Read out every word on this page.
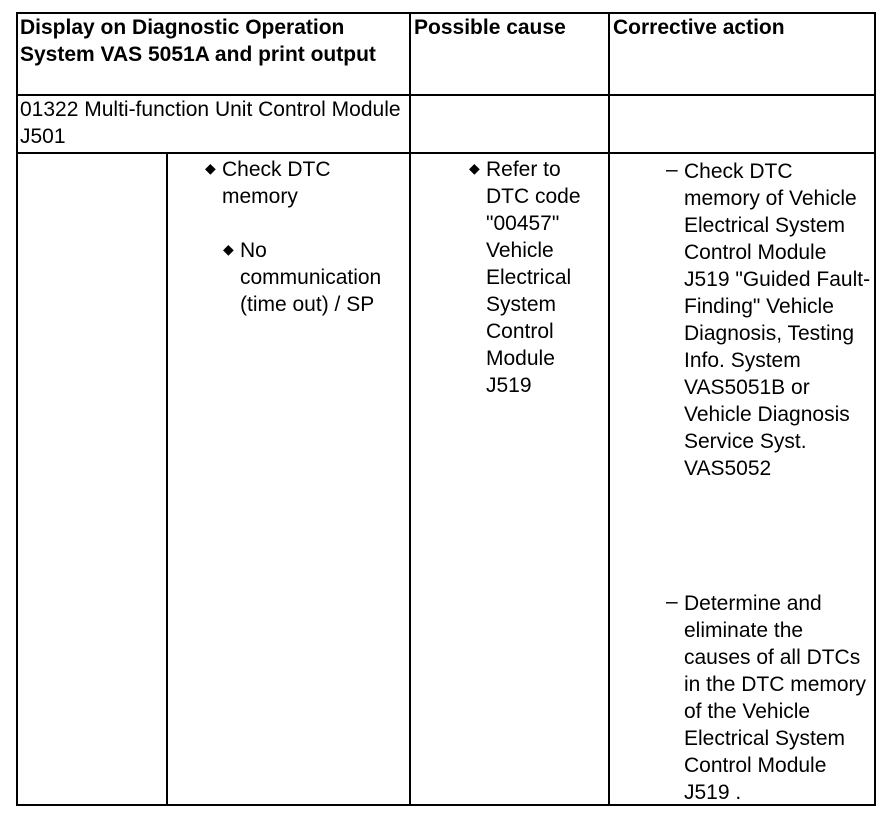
Display on Diagnostic Operation System VAS 5051A and print output
Possible cause	Corrective action
01322 Multi-function Unit Control Module J501
◆ Check DTC memory
◆ No communication (time out) / SP
◆ Refer to DTC code "00457" Vehicle Electrical System Control Module J519
– Check DTC memory of Vehicle Electrical System Control Module J519 "Guided Fault-Finding" Vehicle Diagnosis, Testing Info. System VAS5051B or Vehicle Diagnosis Service Syst. VAS5052
– Determine and eliminate the causes of all DTCs in the DTC memory of the Vehicle Electrical System Control Module J519 .
